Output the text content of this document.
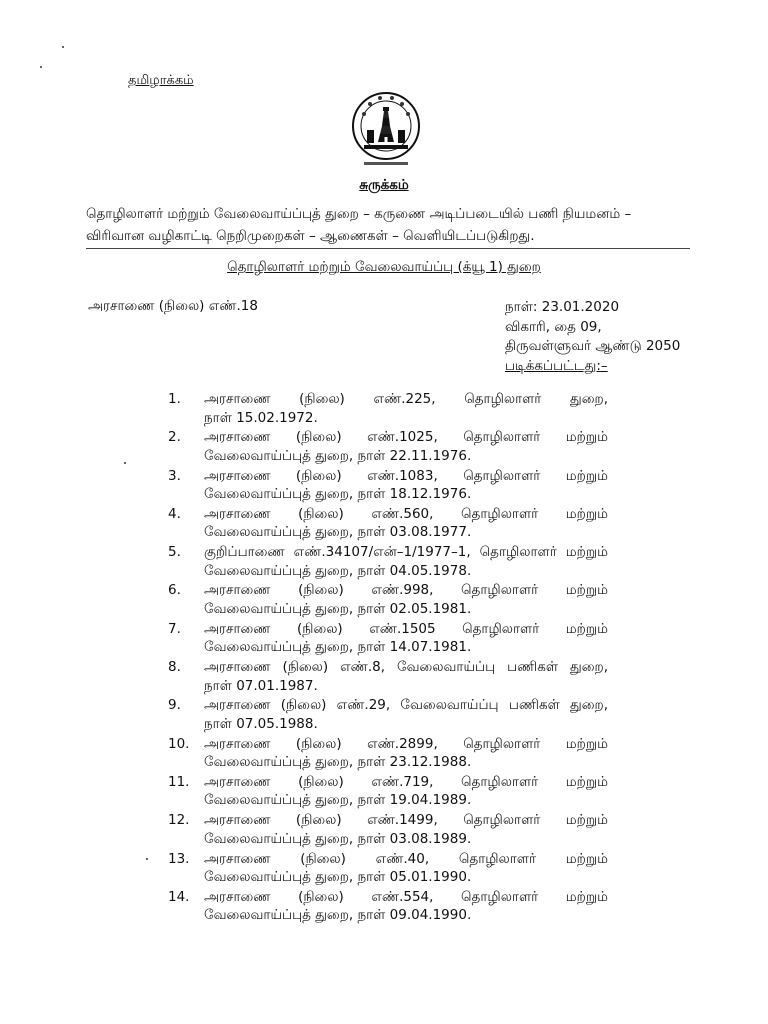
தமிழாக்கம்
சுருக்கம்
தொழிலாளர் மற்றும் வேலைவாய்ப்புத் துறை – கருணை அடிப்படையில் பணி நியமனம் – விரிவான வழிகாட்டி நெறிமுறைகள் – ஆணைகள் – வெளியிடப்படுகிறது.
தொழிலாளர் மற்றும் வேலைவாய்ப்பு (க்யூ 1) துறை
அரசாணை (நிலை) எண்.18	நாள்: 23.01.2020
விகாரி, தை 09,
திருவள்ளுவர் ஆண்டு 2050
படிக்கப்பட்டது:–
1.	அரசாணை (நிலை) எண்.225, தொழிலாளர் துறை,
நாள் 15.02.1972.
2.	அரசாணை (நிலை) எண்.1025, தொழிலாளர் மற்றும்
வேலைவாய்ப்புத் துறை, நாள் 22.11.1976.
3.	அரசாணை (நிலை) எண்.1083, தொழிலாளர் மற்றும்
வேலைவாய்ப்புத் துறை, நாள் 18.12.1976.
4.	அரசாணை (நிலை) எண்.560, தொழிலாளர் மற்றும்
வேலைவாய்ப்புத் துறை, நாள் 03.08.1977.
5.	குறிப்பாணை எண்.34107/என்–1/1977–1, தொழிலாளர் மற்றும்
வேலைவாய்ப்புத் துறை, நாள் 04.05.1978.
6.	அரசாணை (நிலை) எண்.998, தொழிலாளர் மற்றும்
வேலைவாய்ப்புத் துறை, நாள் 02.05.1981.
7.	அரசாணை (நிலை) எண்.1505 தொழிலாளர் மற்றும்
வேலைவாய்ப்புத் துறை, நாள் 14.07.1981.
8.	அரசாணை (நிலை) எண்.8, வேலைவாய்ப்பு பணிகள் துறை,
நாள் 07.01.1987.
9.	அரசாணை (நிலை) எண்.29, வேலைவாய்ப்பு பணிகள் துறை,
நாள் 07.05.1988.
10.	அரசாணை (நிலை) எண்.2899, தொழிலாளர் மற்றும்
வேலைவாய்ப்புத் துறை, நாள் 23.12.1988.
11.	அரசாணை (நிலை) எண்.719, தொழிலாளர் மற்றும்
வேலைவாய்ப்புத் துறை, நாள் 19.04.1989.
12.	அரசாணை (நிலை) எண்.1499, தொழிலாளர் மற்றும்
வேலைவாய்ப்புத் துறை, நாள் 03.08.1989.
13.	அரசாணை (நிலை) எண்.40, தொழிலாளர் மற்றும்
வேலைவாய்ப்புத் துறை, நாள் 05.01.1990.
14.	அரசாணை (நிலை) எண்.554, தொழிலாளர் மற்றும்
வேலைவாய்ப்புத் துறை, நாள் 09.04.1990.
